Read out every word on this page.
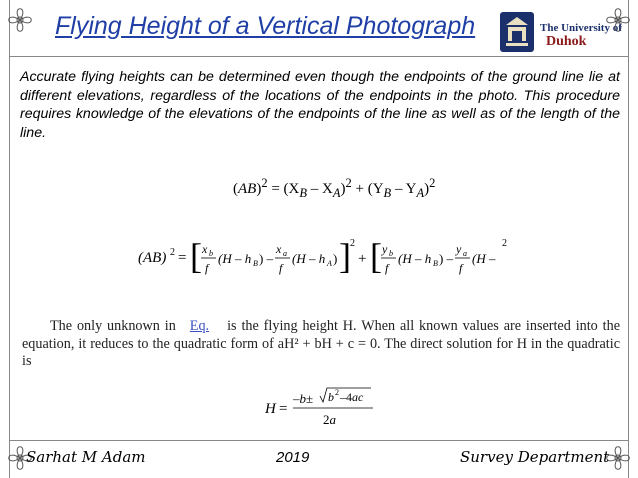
Flying Height of a Vertical Photograph	The University of
Duhok
Accurate flying heights can be determined even though the endpoints of the ground line lie at different elevations, regardless of the locations of the endpoints in the photo. This procedure requires knowledge of the elevations of the endpoints of the line as well as of the length of the line.
$(AB)^2 = (X_B - X_A)^2 + (Y_B - Y_A)^2$
(AB) 2 = [ x b
f
(H – h B ) –
x a
f
(H – h A ) ] 2
+ [ y b
f
(H – h B ) –
y a
f
(H –
2
The only unknown in Eq. is the flying height H. When all known values are inserted into the equation, it reduces to the quadratic form of aH² + bH + c = 0. The direct solution for H in the quadratic is
H =
–b± b 2 –4ac
2a
Sarhat M Adam	2019	Survey Department
